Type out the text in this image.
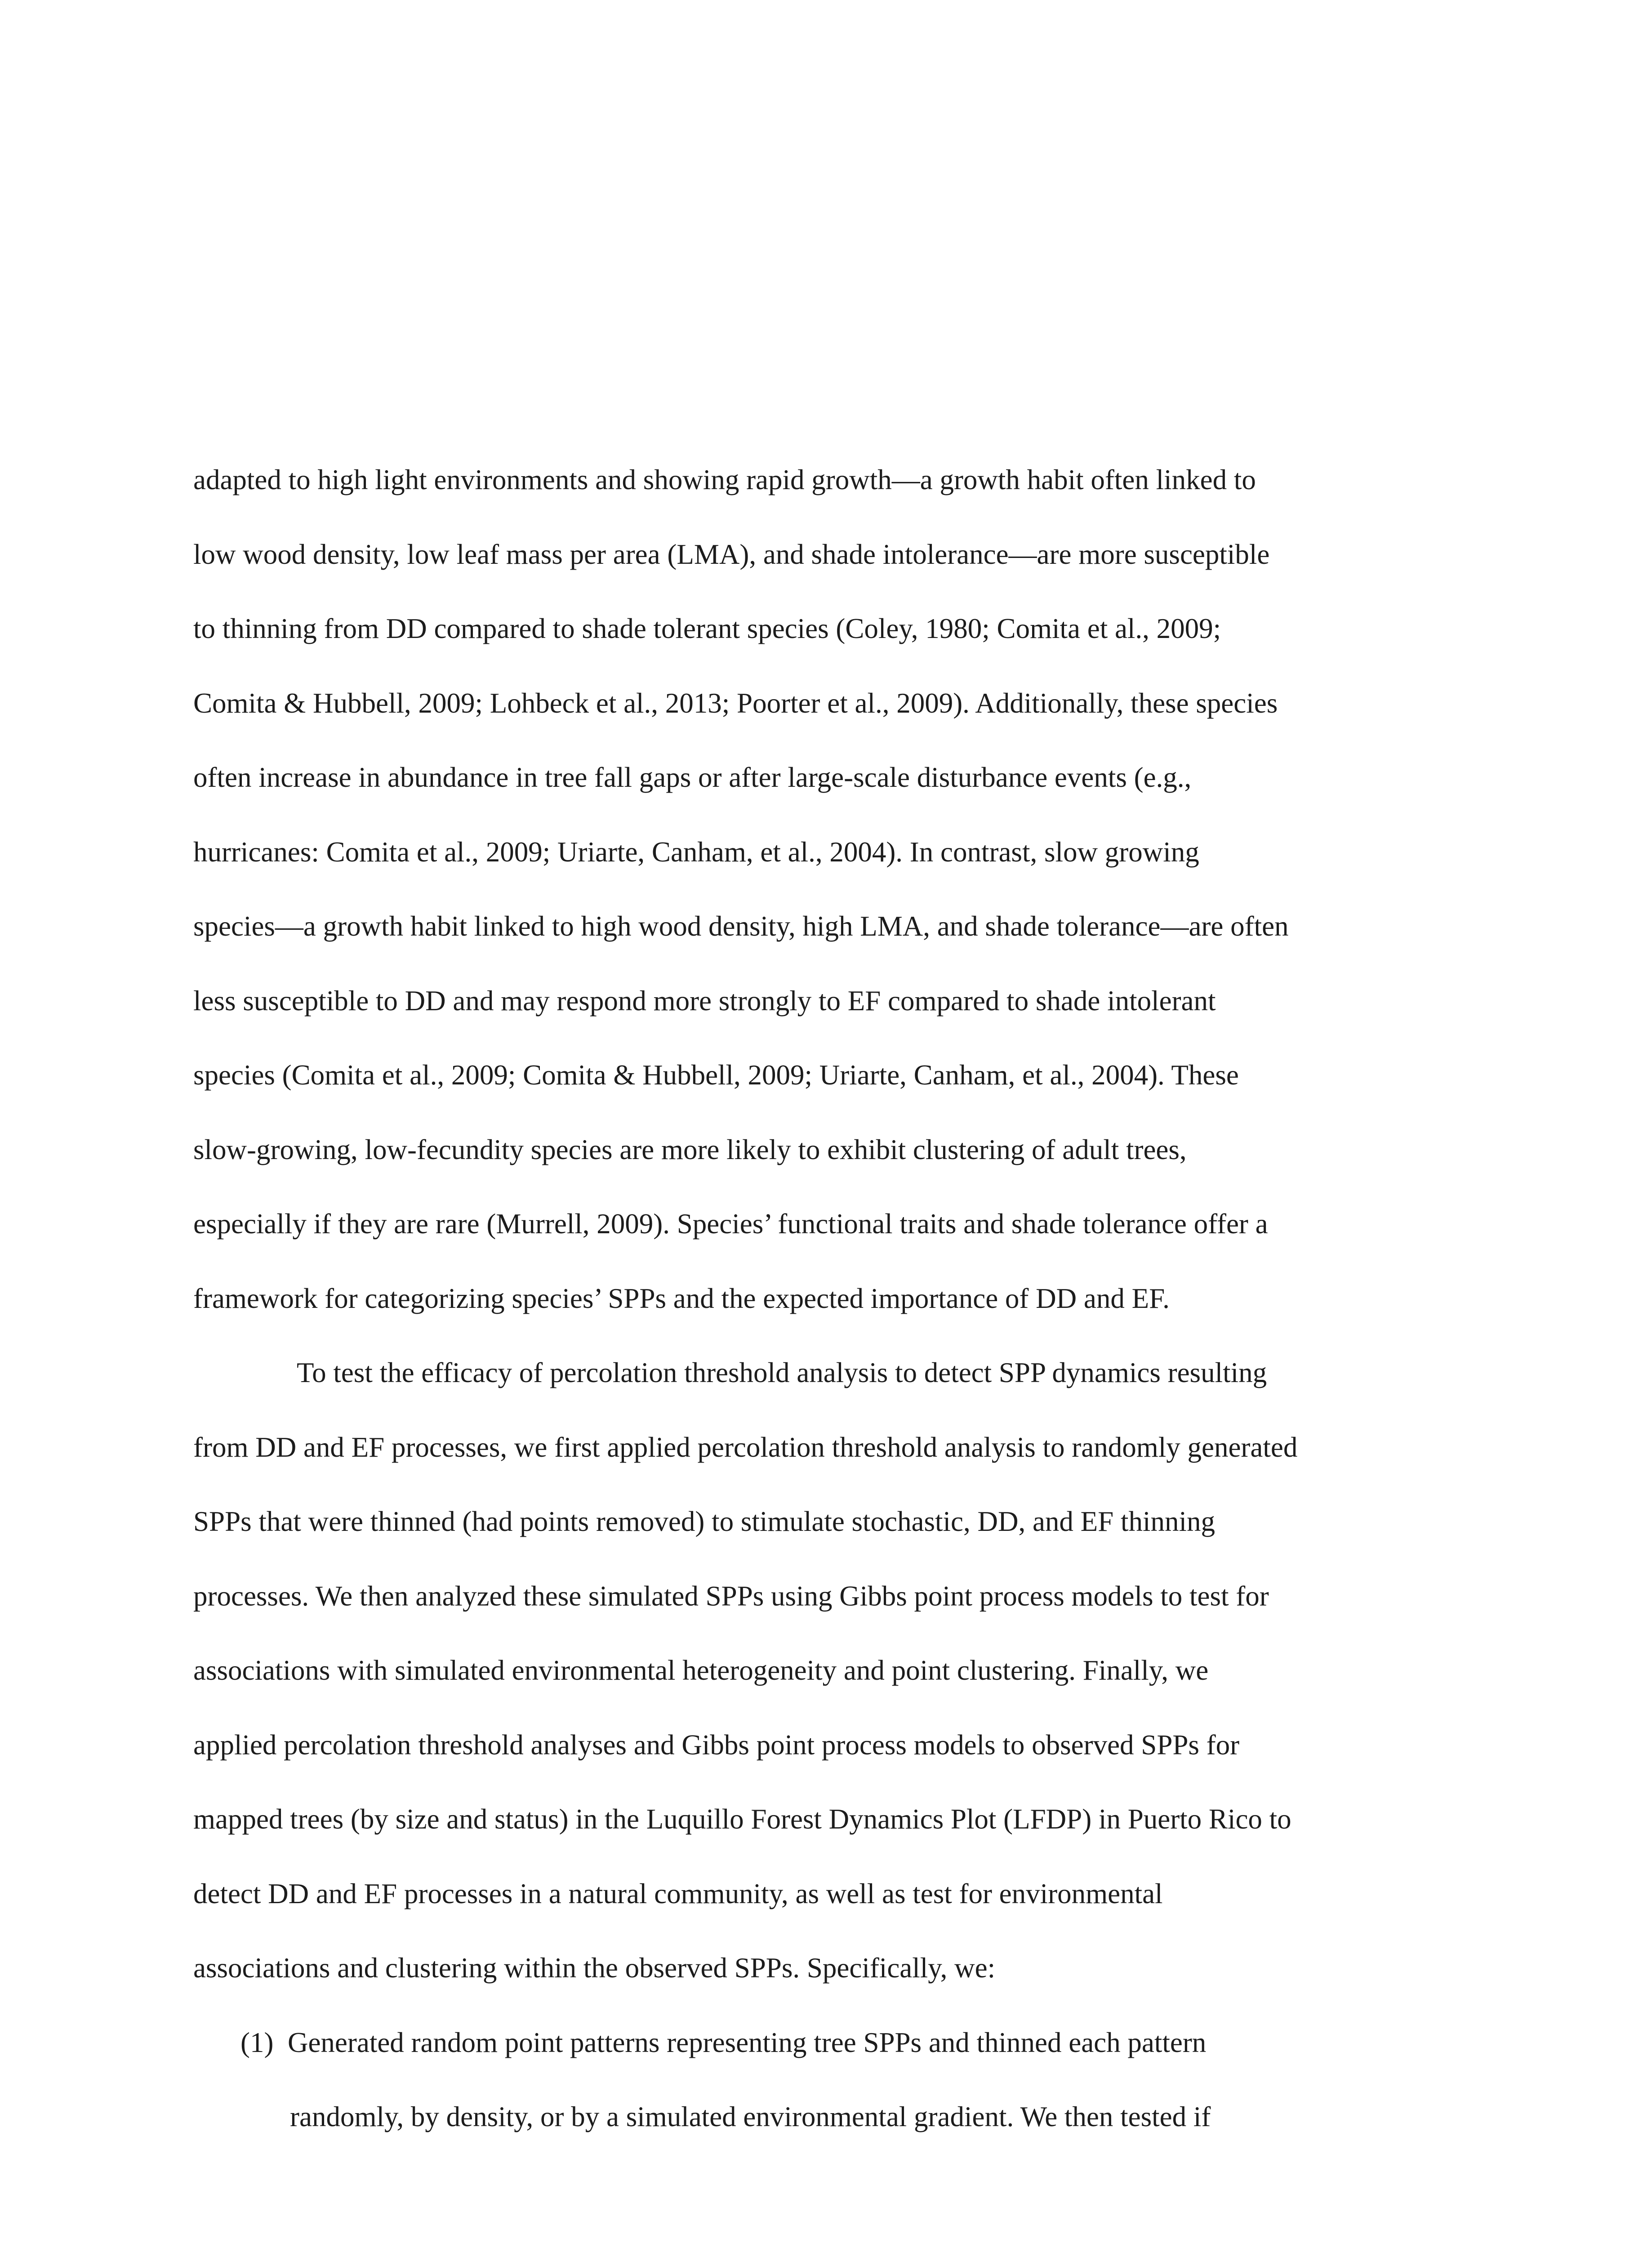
adapted to high light environments and showing rapid growth—a growth habit often linked to
low wood density, low leaf mass per area (LMA), and shade intolerance—are more susceptible
to thinning from DD compared to shade tolerant species (Coley, 1980; Comita et al., 2009;
Comita & Hubbell, 2009; Lohbeck et al., 2013; Poorter et al., 2009). Additionally, these species
often increase in abundance in tree fall gaps or after large-scale disturbance events (e.g.,
hurricanes: Comita et al., 2009; Uriarte, Canham, et al., 2004). In contrast, slow growing
species—a growth habit linked to high wood density, high LMA, and shade tolerance—are often
less susceptible to DD and may respond more strongly to EF compared to shade intolerant
species (Comita et al., 2009; Comita & Hubbell, 2009; Uriarte, Canham, et al., 2004). These
slow-growing, low-fecundity species are more likely to exhibit clustering of adult trees,
especially if they are rare (Murrell, 2009). Species’ functional traits and shade tolerance offer a
framework for categorizing species’ SPPs and the expected importance of DD and EF.
To test the efficacy of percolation threshold analysis to detect SPP dynamics resulting
from DD and EF processes, we first applied percolation threshold analysis to randomly generated
SPPs that were thinned (had points removed) to stimulate stochastic, DD, and EF thinning
processes. We then analyzed these simulated SPPs using Gibbs point process models to test for
associations with simulated environmental heterogeneity and point clustering. Finally, we
applied percolation threshold analyses and Gibbs point process models to observed SPPs for
mapped trees (by size and status) in the Luquillo Forest Dynamics Plot (LFDP) in Puerto Rico to
detect DD and EF processes in a natural community, as well as test for environmental
associations and clustering within the observed SPPs. Specifically, we:
(1) Generated random point patterns representing tree SPPs and thinned each pattern
randomly, by density, or by a simulated environmental gradient. We then tested if
